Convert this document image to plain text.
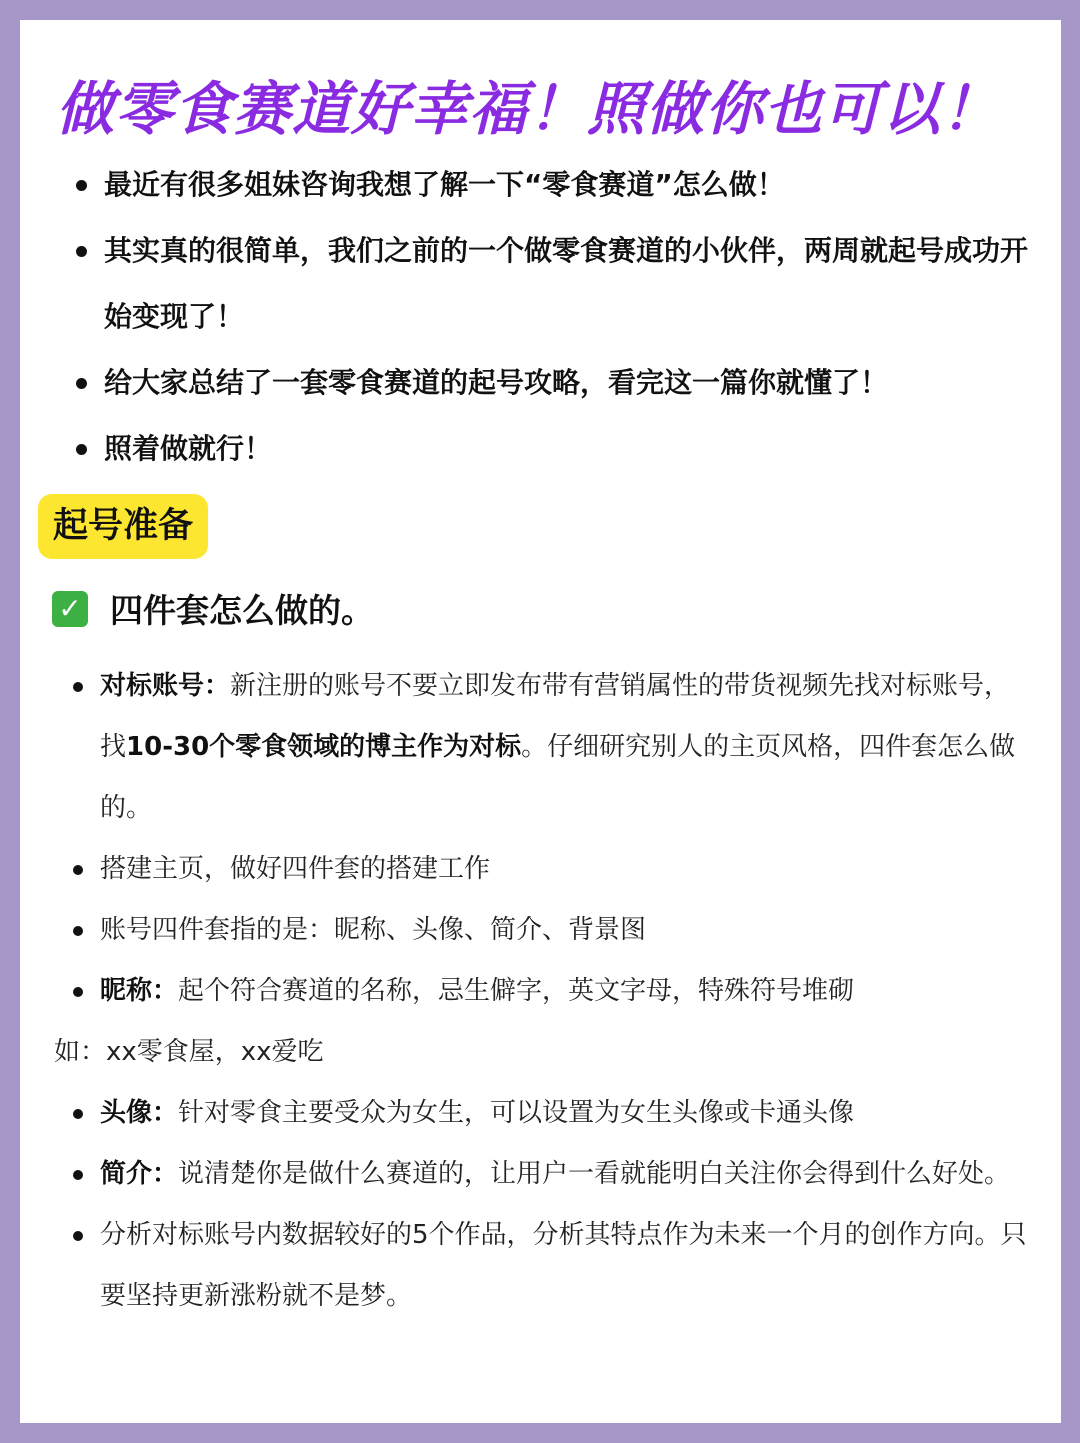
做零食赛道好幸福！照做你也可以！
最近有很多姐妹咨询我想了解一下“零食赛道”怎么做！
其实真的很简单，我们之前的一个做零食赛道的小伙伴，两周就起号成功开始变现了！
给大家总结了一套零食赛道的起号攻略，看完这一篇你就懂了！
照着做就行！
起号准备
✓ 四件套怎么做的。
对标账号：新注册的账号不要立即发布带有营销属性的带货视频先找对标账号，找10-30个零食领域的博主作为对标。仔细研究别人的主页风格，四件套怎么做的。
搭建主页，做好四件套的搭建工作
账号四件套指的是：昵称、头像、简介、背景图
昵称：起个符合赛道的名称，忌生僻字，英文字母，特殊符号堆砌
如：xx零食屋，xx爱吃
头像：针对零食主要受众为女生，可以设置为女生头像或卡通头像
简介：说清楚你是做什么赛道的，让用户一看就能明白关注你会得到什么好处。
分析对标账号内数据较好的5个作品，分析其特点作为未来一个月的创作方向。只要坚持更新涨粉就不是梦。
